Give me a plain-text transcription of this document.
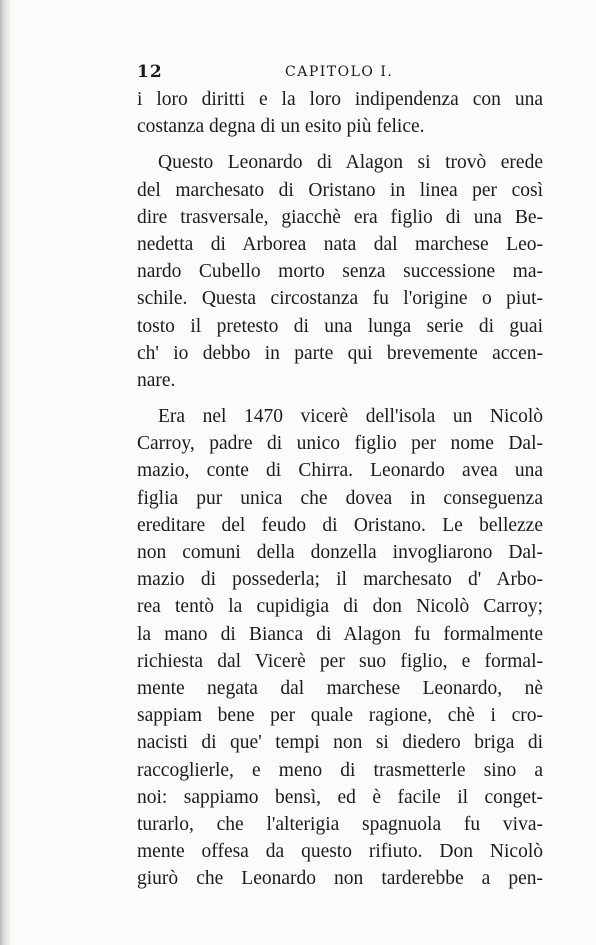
12	CAPITOLO I.
i loro diritti e la loro indipendenza con una
costanza degna di un esito più felice.
Questo Leonardo di Alagon si trovò erede
del marchesato di Oristano in linea per così
dire trasversale, giacchè era figlio di una Be-
nedetta di Arborea nata dal marchese Leo-
nardo Cubello morto senza successione ma-
schile. Questa circostanza fu l'origine o piut-
tosto il pretesto di una lunga serie di guai
ch' io debbo in parte qui brevemente accen-
nare.
Era nel 1470 vicerè dell'isola un Nicolò
Carroy, padre di unico figlio per nome Dal-
mazio, conte di Chirra. Leonardo avea una
figlia pur unica che dovea in conseguenza
ereditare del feudo di Oristano. Le bellezze
non comuni della donzella invogliarono Dal-
mazio di possederla; il marchesato d' Arbo-
rea tentò la cupidigia di don Nicolò Carroy;
la mano di Bianca di Alagon fu formalmente
richiesta dal Vicerè per suo figlio, e formal-
mente negata dal marchese Leonardo, nè
sappiam bene per quale ragione, chè i cro-
nacisti di que' tempi non si diedero briga di
raccoglierle, e meno di trasmetterle sino a
noi: sappiamo bensì, ed è facile il conget-
turarlo, che l'alterigia spagnuola fu viva-
mente offesa da questo rifiuto. Don Nicolò
giurò che Leonardo non tarderebbe a pen-
